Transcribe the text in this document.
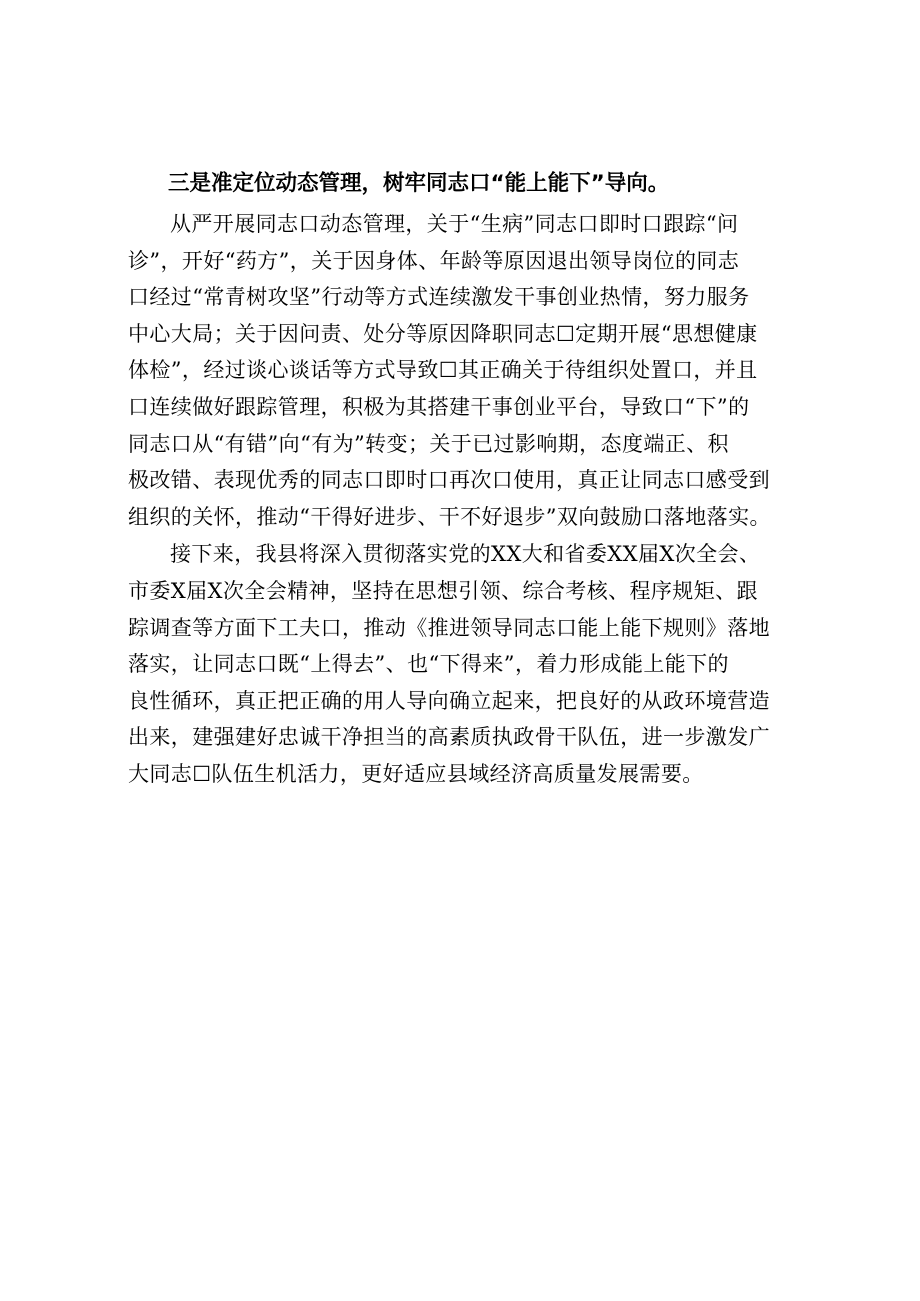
三是准定位动态管理，树牢同志口“能上能下”导向。
从严开展同志口动态管理，关于“生病”同志口即时口跟踪“问
诊”，开好“药方”，关于因身体、年龄等原因退出领导岗位的同志
口经过“常青树攻坚”行动等方式连续激发干事创业热情，努力服务
中心大局；关于因问责、处分等原因降职同志☐定期开展“思想健康
体检”，经过谈心谈话等方式导致☐其正确关于待组织处置口，并且
口连续做好跟踪管理，积极为其搭建干事创业平台，导致口“下”的
同志口从“有错”向“有为”转变；关于已过影响期，态度端正、积
极改错、表现优秀的同志口即时口再次口使用，真正让同志口感受到
组织的关怀，推动“干得好进步、干不好退步”双向鼓励口落地落实。
接下来，我县将深入贯彻落实党的XX大和省委XX届X次全会、
市委X届X次全会精神，坚持在思想引领、综合考核、程序规矩、跟
踪调查等方面下工夫口，推动《推进领导同志口能上能下规则》落地
落实，让同志口既“上得去”、也“下得来”，着力形成能上能下的
良性循环，真正把正确的用人导向确立起来，把良好的从政环境营造
出来，建强建好忠诚干净担当的高素质执政骨干队伍，进一步激发广
大同志☐队伍生机活力，更好适应县域经济高质量发展需要。
